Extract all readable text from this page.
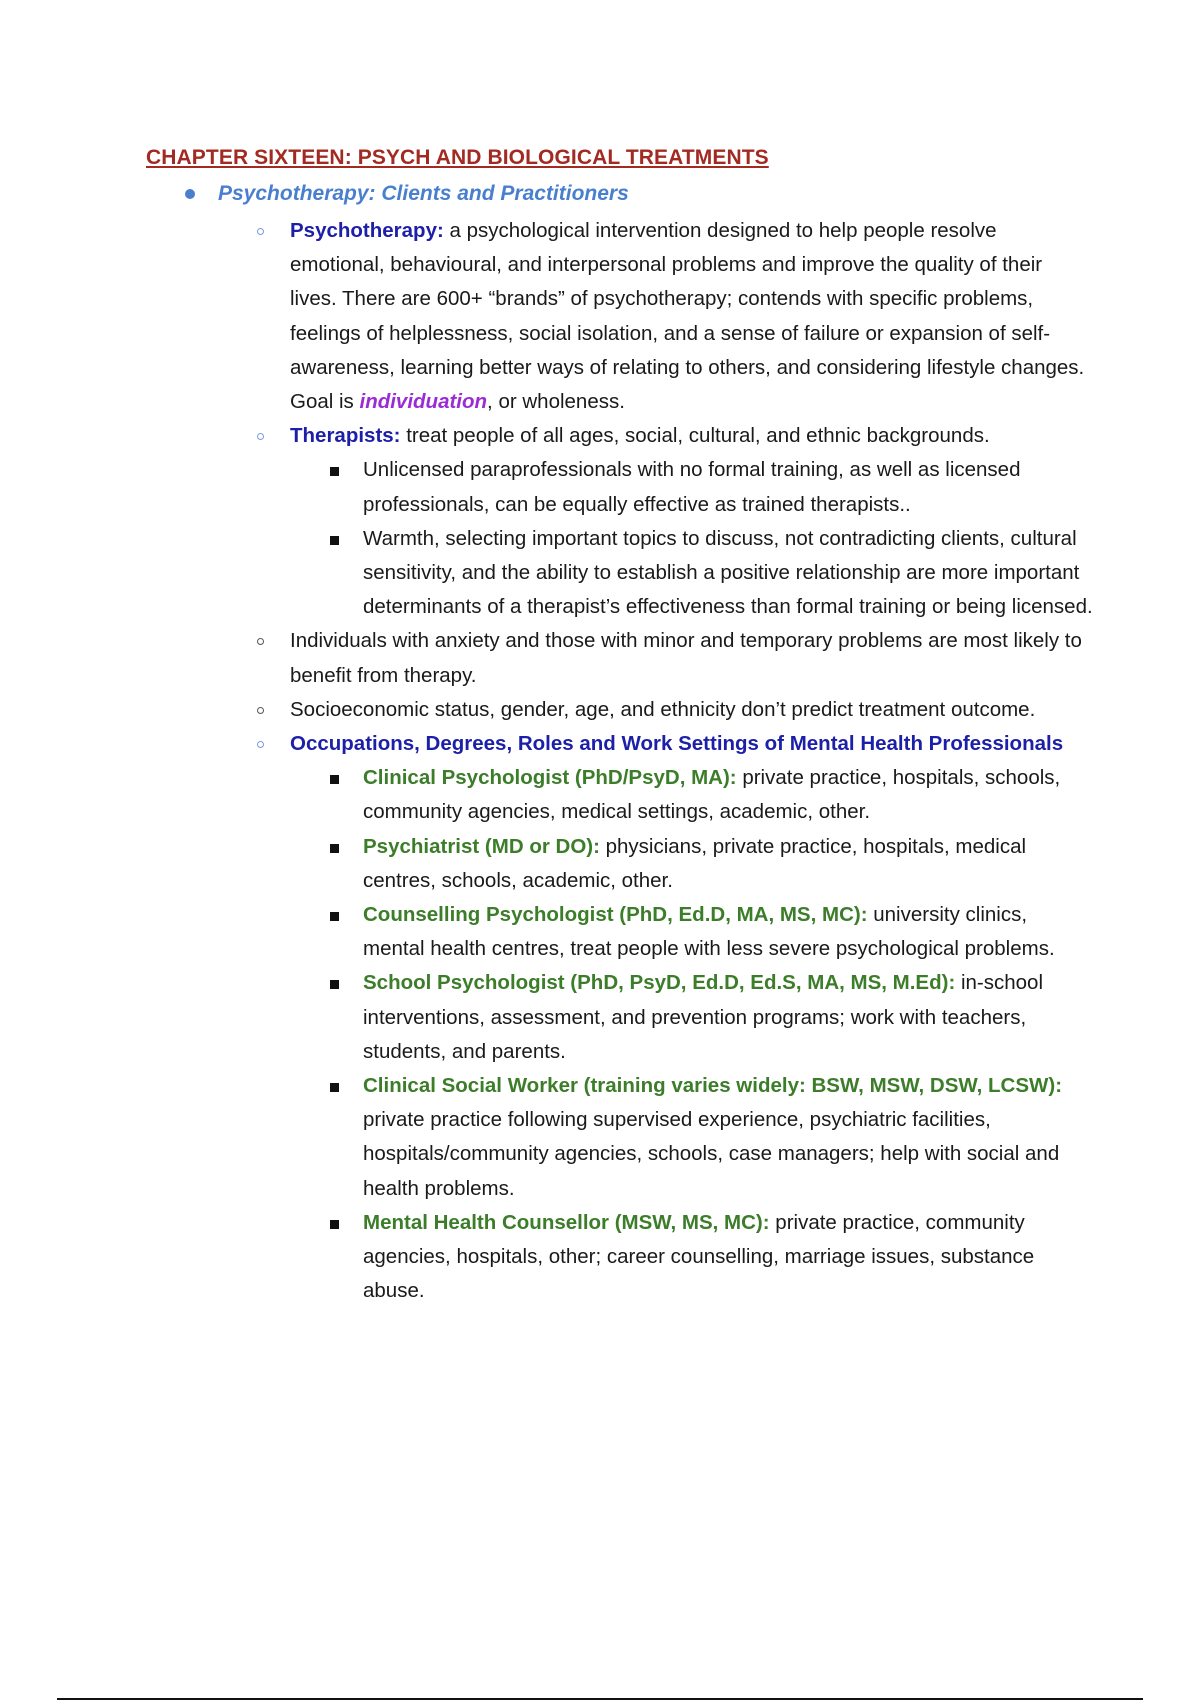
CHAPTER SIXTEEN: PSYCH AND BIOLOGICAL TREATMENTS
Psychotherapy: Clients and Practitioners
Psychotherapy: a psychological intervention designed to help people resolve emotional, behavioural, and interpersonal problems and improve the quality of their lives. There are 600+ “brands” of psychotherapy; contends with specific problems, feelings of helplessness, social isolation, and a sense of failure or expansion of self-awareness, learning better ways of relating to others, and considering lifestyle changes. Goal is individuation, or wholeness.
Therapists: treat people of all ages, social, cultural, and ethnic backgrounds.
Unlicensed paraprofessionals with no formal training, as well as licensed professionals, can be equally effective as trained therapists..
Warmth, selecting important topics to discuss, not contradicting clients, cultural sensitivity, and the ability to establish a positive relationship are more important determinants of a therapist’s effectiveness than formal training or being licensed.
Individuals with anxiety and those with minor and temporary problems are most likely to benefit from therapy.
Socioeconomic status, gender, age, and ethnicity don’t predict treatment outcome.
Occupations, Degrees, Roles and Work Settings of Mental Health Professionals
Clinical Psychologist (PhD/PsyD, MA): private practice, hospitals, schools, community agencies, medical settings, academic, other.
Psychiatrist (MD or DO): physicians, private practice, hospitals, medical centres, schools, academic, other.
Counselling Psychologist (PhD, Ed.D, MA, MS, MC): university clinics, mental health centres, treat people with less severe psychological problems.
School Psychologist (PhD, PsyD, Ed.D, Ed.S, MA, MS, M.Ed): in-school interventions, assessment, and prevention programs; work with teachers, students, and parents.
Clinical Social Worker (training varies widely: BSW, MSW, DSW, LCSW): private practice following supervised experience, psychiatric facilities, hospitals/community agencies, schools, case managers; help with social and health problems.
Mental Health Counsellor (MSW, MS, MC): private practice, community agencies, hospitals, other; career counselling, marriage issues, substance abuse.
